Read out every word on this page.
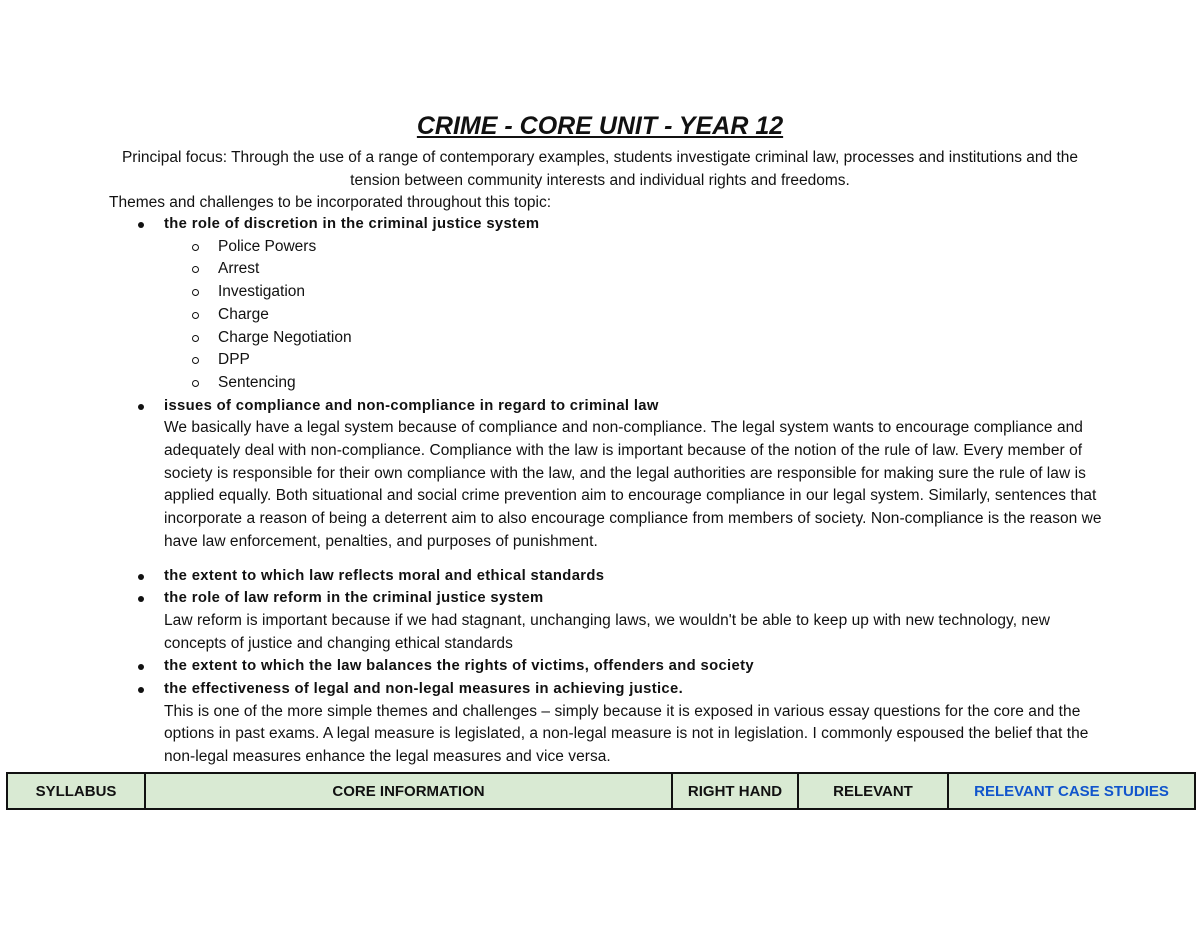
CRIME - CORE UNIT - YEAR 12
Principal focus: Through the use of a range of contemporary examples, students investigate criminal law, processes and institutions and the tension between community interests and individual rights and freedoms.
Themes and challenges to be incorporated throughout this topic:
the role of discretion in the criminal justice system
Police Powers
Arrest
Investigation
Charge
Charge Negotiation
DPP
Sentencing
issues of compliance and non-compliance in regard to criminal law
We basically have a legal system because of compliance and non-compliance. The legal system wants to encourage compliance and adequately deal with non-compliance. Compliance with the law is important because of the notion of the rule of law. Every member of society is responsible for their own compliance with the law, and the legal authorities are responsible for making sure the rule of law is applied equally. Both situational and social crime prevention aim to encourage compliance in our legal system. Similarly, sentences that incorporate a reason of being a deterrent aim to also encourage compliance from members of society. Non-compliance is the reason we have law enforcement, penalties, and purposes of punishment.
the extent to which law reflects moral and ethical standards
the role of law reform in the criminal justice system
Law reform is important because if we had stagnant, unchanging laws, we wouldn't be able to keep up with new technology, new concepts of justice and changing ethical standards
the extent to which the law balances the rights of victims, offenders and society
the effectiveness of legal and non-legal measures in achieving justice.
This is one of the more simple themes and challenges – simply because it is exposed in various essay questions for the core and the options in past exams. A legal measure is legislated, a non-legal measure is not in legislation. I commonly espoused the belief that the non-legal measures enhance the legal measures and vice versa.
SYLLABUS	CORE INFORMATION	RIGHT HAND	RELEVANT	RELEVANT CASE STUDIES
